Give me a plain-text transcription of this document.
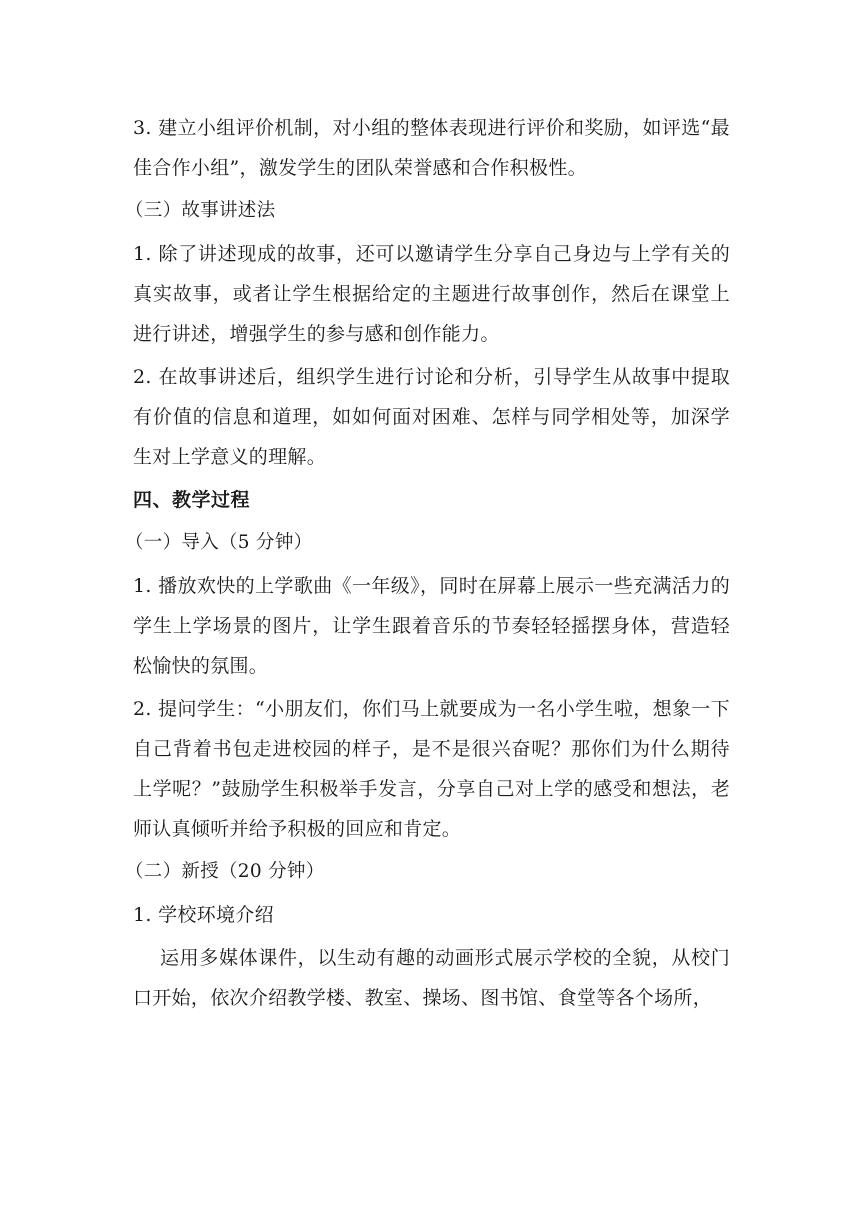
3. 建立小组评价机制，对小组的整体表现进行评价和奖励，如评选“最佳合作小组”，激发学生的团队荣誉感和合作积极性。

（三）故事讲述法

1. 除了讲述现成的故事，还可以邀请学生分享自己身边与上学有关的真实故事，或者让学生根据给定的主题进行故事创作，然后在课堂上进行讲述，增强学生的参与感和创作能力。

2. 在故事讲述后，组织学生进行讨论和分析，引导学生从故事中提取有价值的信息和道理，如如何面对困难、怎样与同学相处等，加深学生对上学意义的理解。

四、教学过程

（一）导入（5 分钟）

1. 播放欢快的上学歌曲《一年级》，同时在屏幕上展示一些充满活力的学生上学场景的图片，让学生跟着音乐的节奏轻轻摇摆身体，营造轻松愉快的氛围。

2. 提问学生：“小朋友们，你们马上就要成为一名小学生啦，想象一下自己背着书包走进校园的样子，是不是很兴奋呢？那你们为什么期待上学呢？”鼓励学生积极举手发言，分享自己对上学的感受和想法，老师认真倾听并给予积极的回应和肯定。

（二）新授（20 分钟）

1. 学校环境介绍

运用多媒体课件，以生动有趣的动画形式展示学校的全貌，从校门口开始，依次介绍教学楼、教室、操场、图书馆、食堂等各个场所，
